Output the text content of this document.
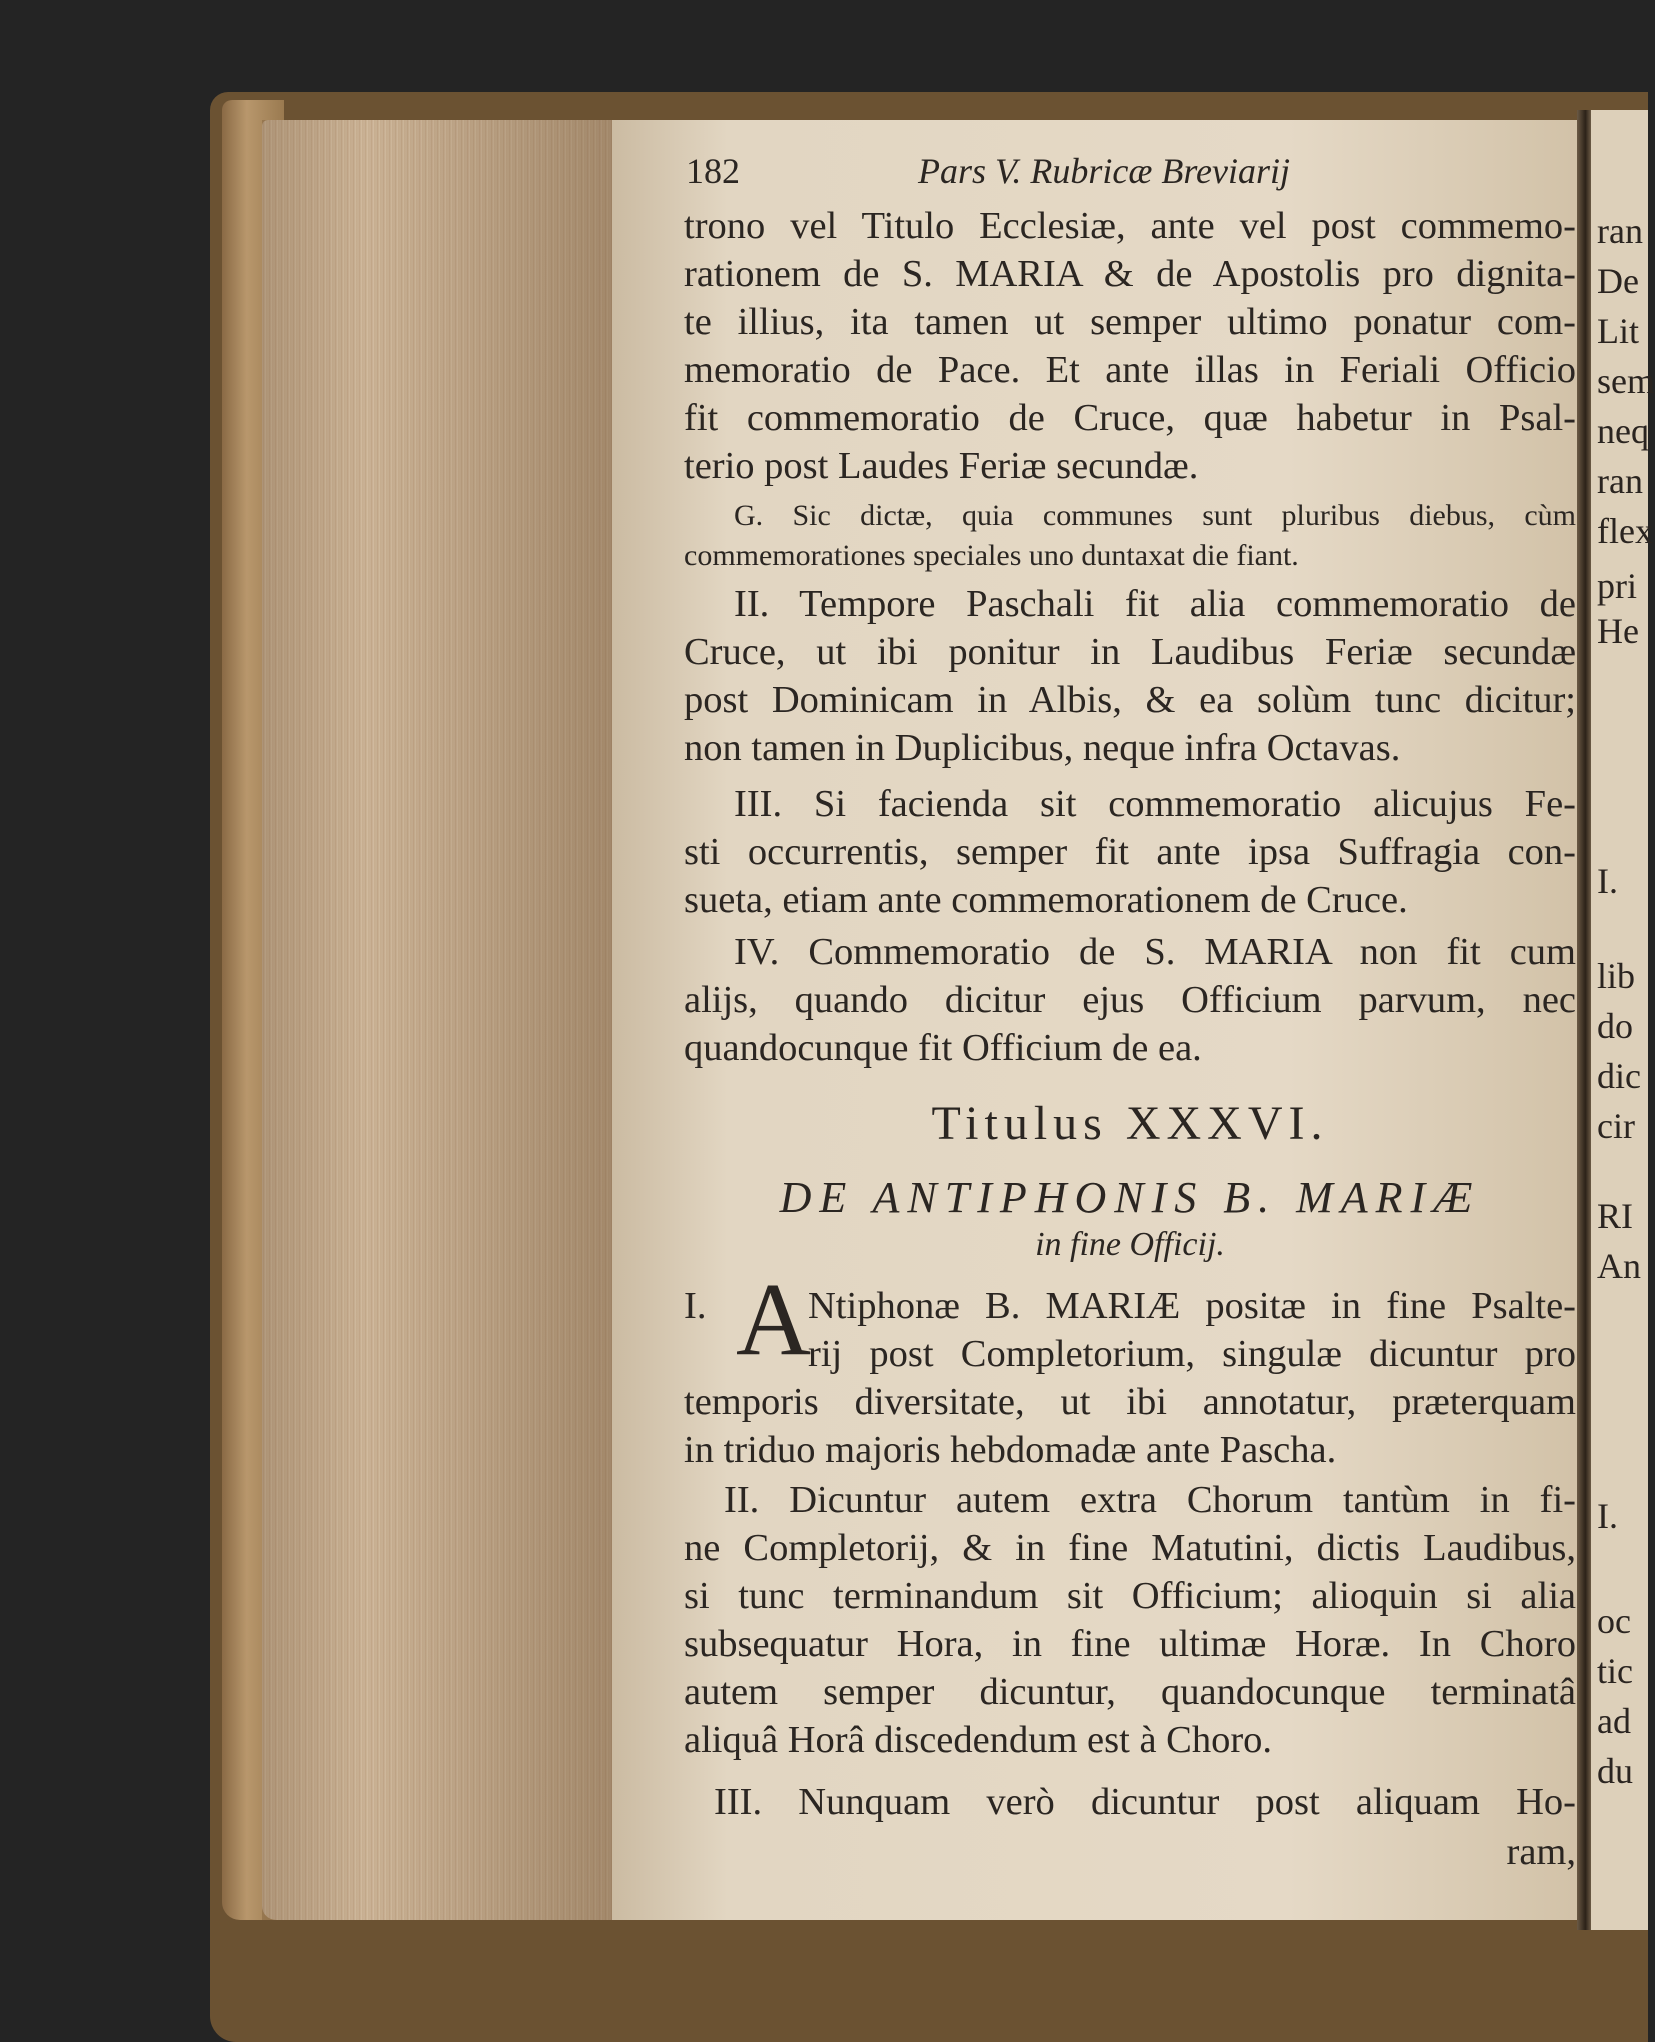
ran
De
Lit
sem
neq
ran
flex
pri
He
I.
lib
do
dic
cir
RI
An
I.
oc
tic
ad
du
182	Pars V. Rubricæ Breviarij
trono vel Titulo Ecclesiæ, ante vel post commemo-
rationem de S. MARIA & de Apostolis pro dignita-
te illius, ita tamen ut semper ultimo ponatur com-
memoratio de Pace. Et ante illas in Feriali Officio
fit commemoratio de Cruce, quæ habetur in Psal-
terio post Laudes Feriæ secundæ.
G. Sic dictæ, quia communes sunt pluribus diebus, cùm
commemorationes speciales uno duntaxat die fiant.
II. Tempore Paschali fit alia commemoratio de
Cruce, ut ibi ponitur in Laudibus Feriæ secundæ
post Dominicam in Albis, & ea solùm tunc dicitur;
non tamen in Duplicibus, neque infra Octavas.
III. Si facienda sit commemoratio alicujus Fe-
sti occurrentis, semper fit ante ipsa Suffragia con-
sueta, etiam ante commemorationem de Cruce.
IV. Commemoratio de S. MARIA non fit cum
alijs, quando dicitur ejus Officium parvum, nec
quandocunque fit Officium de ea.
Titulus XXXVI.
DE ANTIPHONIS B. MARIÆ
in fine Officij.
I. A
Ntiphonæ B. MARIÆ positæ in fine Psalte-
rij post Completorium, singulæ dicuntur pro
temporis diversitate, ut ibi annotatur, præterquam
in triduo majoris hebdomadæ ante Pascha.
II. Dicuntur autem extra Chorum tantùm in fi-
ne Completorij, & in fine Matutini, dictis Laudibus,
si tunc terminandum sit Officium; alioquin si alia
subsequatur Hora, in fine ultimæ Horæ. In Choro
autem semper dicuntur, quandocunque terminatâ
aliquâ Horâ discedendum est à Choro.
III. Nunquam verò dicuntur post aliquam Ho-
ram,
